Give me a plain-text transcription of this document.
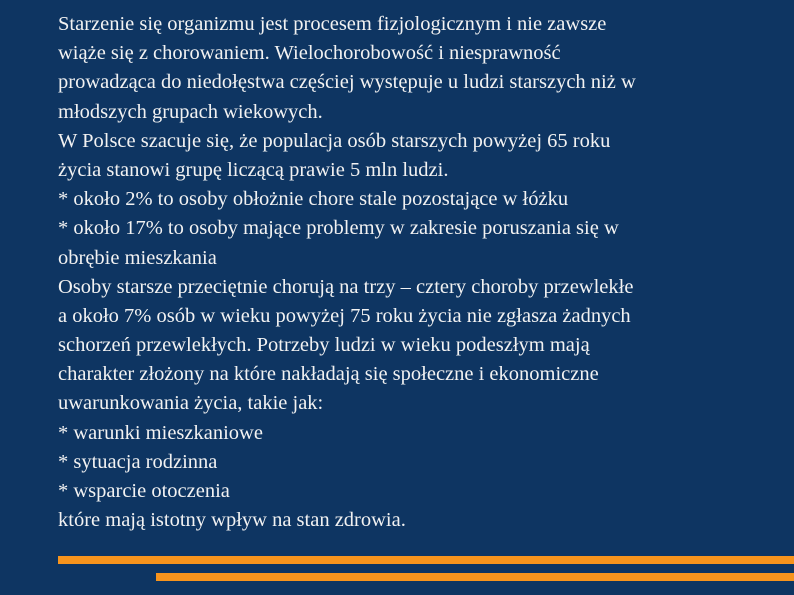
Starzenie się organizmu jest procesem fizjologicznym i nie zawsze
wiąże się z chorowaniem. Wielochorobowość i niesprawność
prowadząca do niedołęstwa częściej występuje u ludzi starszych niż w
młodszych grupach wiekowych.
W Polsce szacuje się, że populacja osób starszych powyżej 65 roku
życia stanowi grupę liczącą prawie 5 mln ludzi.
* około 2% to osoby obłożnie chore stale pozostające w łóżku
* około 17% to osoby mające problemy w zakresie poruszania się w
obrębie mieszkania
Osoby starsze przeciętnie chorują na trzy – cztery choroby przewlekłe
a około 7% osób w wieku powyżej 75 roku życia nie zgłasza żadnych
schorzeń przewlekłych. Potrzeby ludzi w wieku podeszłym mają
charakter złożony na które nakładają się społeczne i ekonomiczne
uwarunkowania życia, takie jak:
* warunki mieszkaniowe
* sytuacja rodzinna
* wsparcie otoczenia
które mają istotny wpływ na stan zdrowia.
